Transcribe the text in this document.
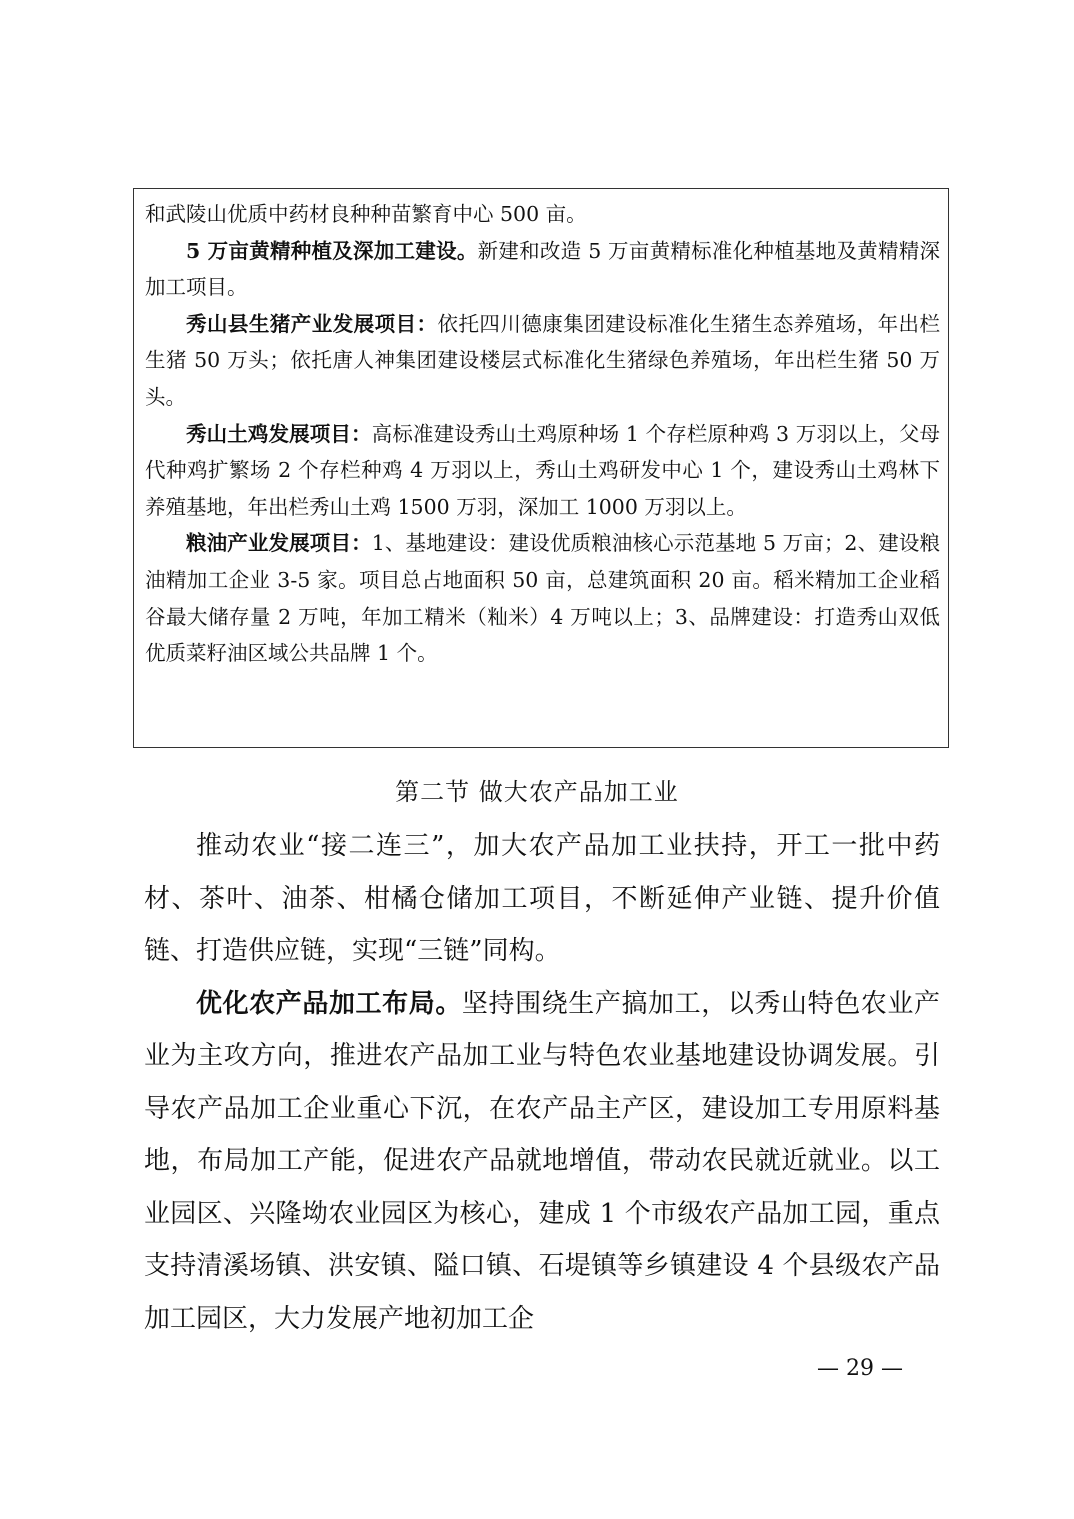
和武陵山优质中药材良种种苗繁育中心 500 亩。

5 万亩黄精种植及深加工建设。新建和改造 5 万亩黄精标准化种植基地及黄精精深加工项目。

秀山县生猪产业发展项目：依托四川德康集团建设标准化生猪生态养殖场，年出栏生猪 50 万头；依托唐人神集团建设楼层式标准化生猪绿色养殖场，年出栏生猪 50 万头。

秀山土鸡发展项目：高标准建设秀山土鸡原种场 1 个存栏原种鸡 3 万羽以上，父母代种鸡扩繁场 2 个存栏种鸡 4 万羽以上，秀山土鸡研发中心 1 个，建设秀山土鸡林下养殖基地，年出栏秀山土鸡 1500 万羽，深加工 1000 万羽以上。

粮油产业发展项目：1、基地建设：建设优质粮油核心示范基地 5 万亩；2、建设粮油精加工企业 3-5 家。项目总占地面积 50 亩，总建筑面积 20 亩。稻米精加工企业稻谷最大储存量 2 万吨，年加工精米（籼米）4 万吨以上；3、品牌建设：打造秀山双低优质菜籽油区域公共品牌 1 个。

第二节 做大农产品加工业

推动农业“接二连三”，加大农产品加工业扶持，开工一批中药材、茶叶、油茶、柑橘仓储加工项目，不断延伸产业链、提升价值链、打造供应链，实现“三链”同构。

优化农产品加工布局。坚持围绕生产搞加工，以秀山特色农业产业为主攻方向，推进农产品加工业与特色农业基地建设协调发展。引导农产品加工企业重心下沉，在农产品主产区，建设加工专用原料基地，布局加工产能，促进农产品就地增值，带动农民就近就业。以工业园区、兴隆坳农业园区为核心，建成 1 个市级农产品加工园，重点支持清溪场镇、洪安镇、隘口镇、石堤镇等乡镇建设 4 个县级农产品加工园区，大力发展产地初加工企

— 29 —
